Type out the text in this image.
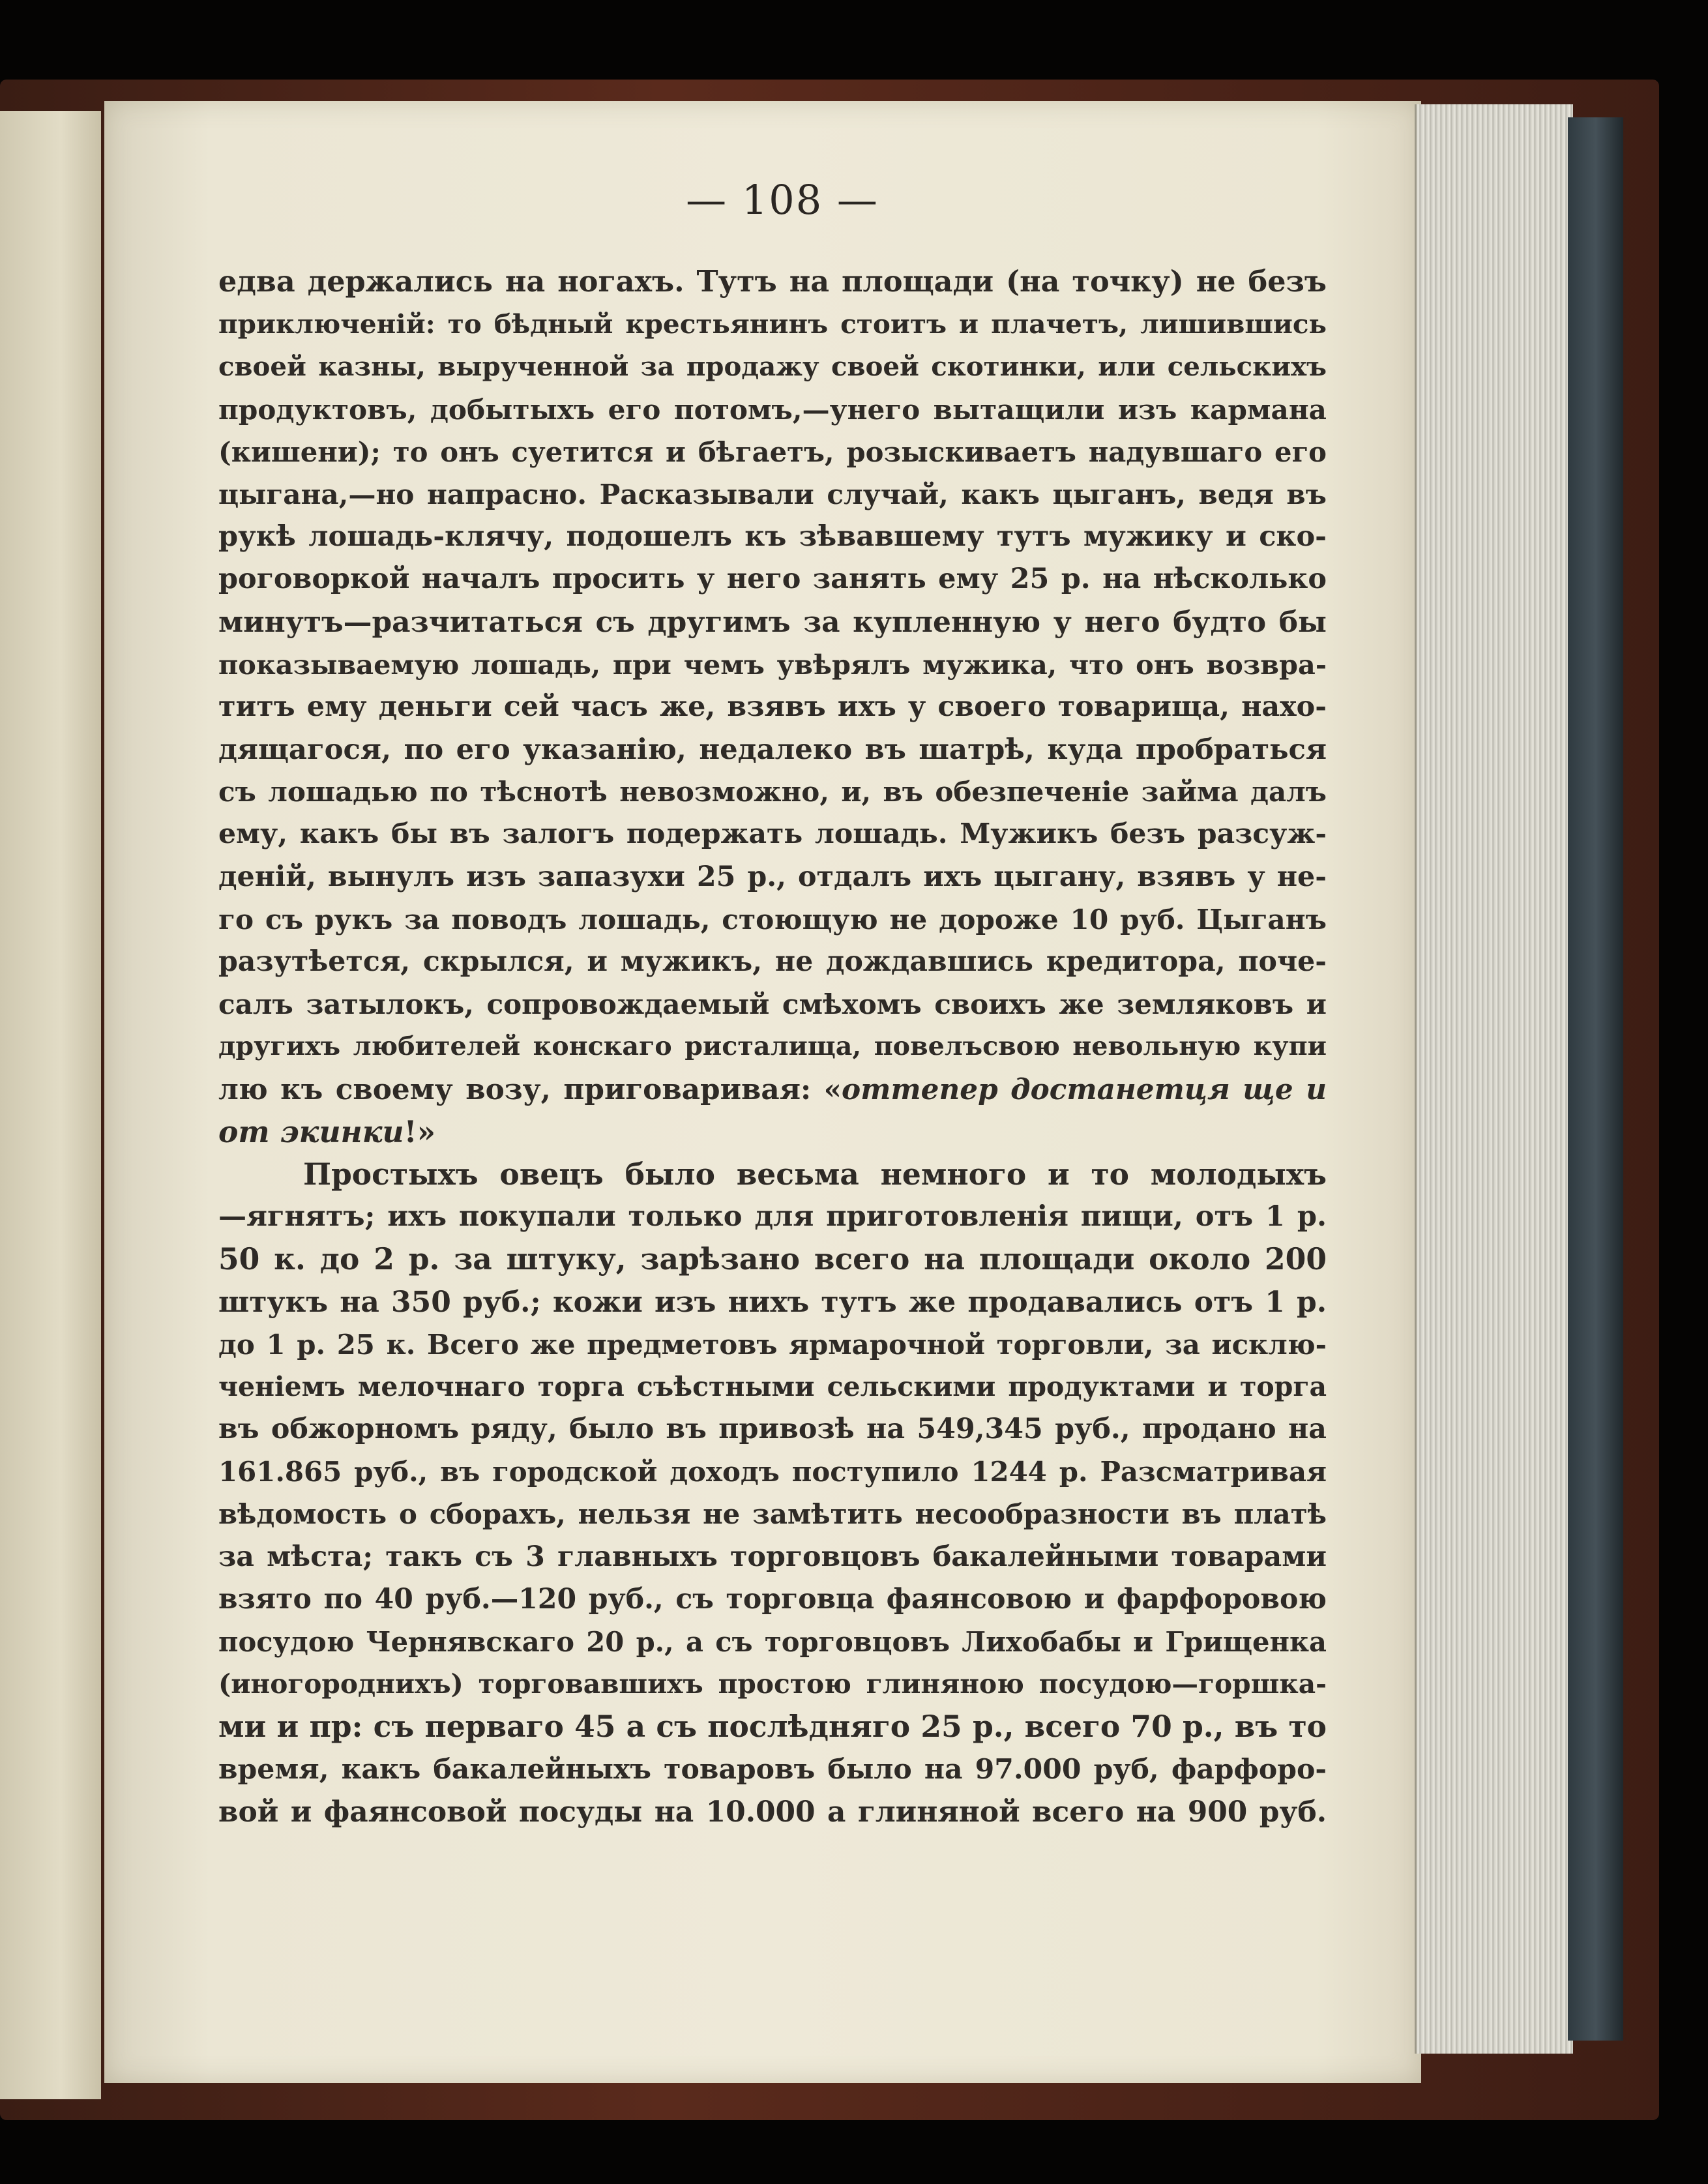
— 108 —
едва держались на ногахъ. Тутъ на площади (на точку) не безъ
приключеній: то бѣдный крестьянинъ стоитъ и плачетъ, лишившись
своей казны, вырученной за продажу своей скотинки, или сельскихъ
продуктовъ, добытыхъ его потомъ,—унего вытащили изъ кармана
(кишени); то онъ суетится и бѣгаетъ, розыскиваетъ надувшаго его
цыгана,—но напрасно. Расказывали случай, какъ цыганъ, ведя въ
рукѣ лошадь-клячу, подошелъ къ зѣвавшему тутъ мужику и ско-
роговоркой началъ просить у него занять ему 25 р. на нѣсколько
минутъ—разчитаться съ другимъ за купленную у него будто бы
показываемую лошадь, при чемъ увѣрялъ мужика, что онъ возвра-
титъ ему деньги сей часъ же, взявъ ихъ у своего товарища, нахо-
дящагося, по его указанію, недалеко въ шатрѣ, куда пробраться
съ лошадью по тѣснотѣ невозможно, и, въ обезпеченіе займа далъ
ему, какъ бы въ залогъ подержать лошадь. Мужикъ безъ разсуж-
деній, вынулъ изъ запазухи 25 р., отдалъ ихъ цыгану, взявъ у не-
го съ рукъ за поводъ лошадь, стоющую не дороже 10 руб. Цыганъ
разутѣется, скрылся, и мужикъ, не дождавшись кредитора, поче-
салъ затылокъ, сопровождаемый смѣхомъ своихъ же земляковъ и
другихъ любителей конскаго ристалища, повелъсвою невольную купи
лю къ своему возу, приговаривая: «оттепер достанетця ще и
от экинки!»
Простыхъ овецъ было весьма немного и то молодыхъ
—ягнятъ; ихъ покупали только для приготовленія пищи, отъ 1 р.
50 к. до 2 р. за штуку, зарѣзано всего на площади около 200
штукъ на 350 руб.; кожи изъ нихъ тутъ же продавались отъ 1 р.
до 1 р. 25 к. Всего же предметовъ ярмарочной торговли, за исклю-
ченіемъ мелочнаго торга съѣстными сельскими продуктами и торга
въ обжорномъ ряду, было въ привозѣ на 549,345 руб., продано на
161.865 руб., въ городской доходъ поступило 1244 р. Разсматривая
вѣдомость о сборахъ, нельзя не замѣтить несообразности въ платѣ
за мѣста; такъ съ 3 главныхъ торговцовъ бакалейными товарами
взято по 40 руб.—120 руб., съ торговца фаянсовою и фарфоровою
посудою Чернявскаго 20 р., а съ торговцовъ Лихобабы и Грищенка
(иногороднихъ) торговавшихъ простою глиняною посудою—горшка-
ми и пр: съ перваго 45 а съ послѣдняго 25 р., всего 70 р., въ то
время, какъ бакалейныхъ товаровъ было на 97.000 руб, фарфоро-
вой и фаянсовой посуды на 10.000 а глиняной всего на 900 руб.
